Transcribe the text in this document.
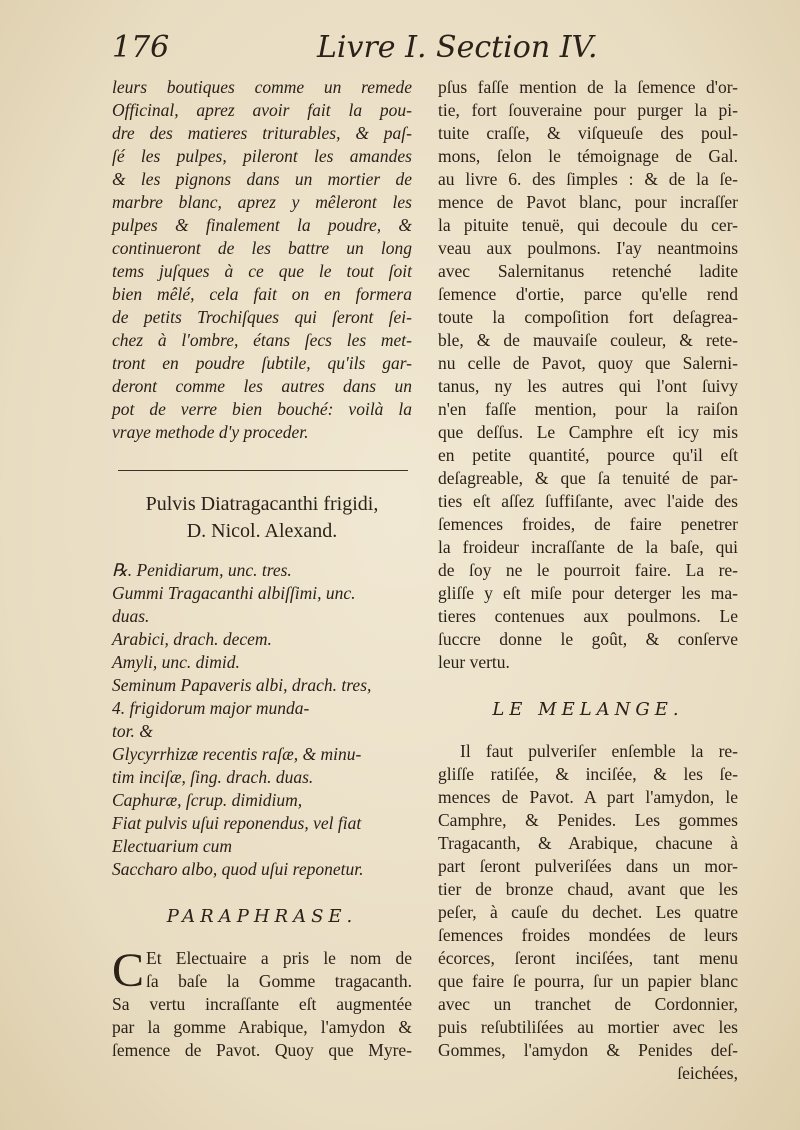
176	Livre I. Section IV.
leurs boutiques comme un remede
Officinal, aprez avoir fait la pou-
dre des matieres triturables, & paſ-
ſé les pulpes, pileront les amandes
& les pignons dans un mortier de
marbre blanc, aprez y mêleront les
pulpes & finalement la poudre, &
continueront de les battre un long
tems juſques à ce que le tout ſoit
bien mêlé, cela fait on en formera
de petits Trochiſques qui ſeront ſei-
chez à l'ombre, étans ſecs les met-
tront en poudre ſubtile, qu'ils gar-
deront comme les autres dans un
pot de verre bien bouché: voilà la
vraye methode d'y proceder.
Pulvis Diatragacanthi frigidi,
D. Nicol. Alexand.
℞. Penidiarum, unc. tres.
Gummi Tragacanthi albiſſimi, unc.
duas.
Arabici, drach. decem.
Amyli, unc. dimid.
Seminum Papaveris albi, drach. tres,
4. frigidorum major munda-
tor. &
Glycyrrhizæ recentis raſæ, & minu-
tim inciſæ, ſing. drach. duas.
Caphuræ, ſcrup. dimidium,
Fiat pulvis uſui reponendus, vel fiat
Electuarium cum
Saccharo albo, quod uſui reponetur.
PARAPHRASE.
C Et Electuaire a pris le nom de
ſa baſe la Gomme tragacanth.
Sa vertu incraſſante eſt augmentée
par la gomme Arabique, l'amydon &
ſemence de Pavot. Quoy que Myre-
pſus faſſe mention de la ſemence d'or-
tie, fort ſouveraine pour purger la pi-
tuite craſſe, & viſqueuſe des poul-
mons, ſelon le témoignage de Gal.
au livre 6. des ſimples : & de la ſe-
mence de Pavot blanc, pour incraſſer
la pituite tenuë, qui decoule du cer-
veau aux poulmons. I'ay neantmoins
avec Salernitanus retenché ladite
ſemence d'ortie, parce qu'elle rend
toute la compoſition fort deſagrea-
ble, & de mauvaiſe couleur, & rete-
nu celle de Pavot, quoy que Salerni-
tanus, ny les autres qui l'ont ſuivy
n'en faſſe mention, pour la raiſon
que deſſus. Le Camphre eſt icy mis
en petite quantité, pource qu'il eſt
deſagreable, & que ſa tenuité de par-
ties eſt aſſez ſuffiſante, avec l'aide des
ſemences froides, de faire penetrer
la froideur incraſſante de la baſe, qui
de ſoy ne le pourroit faire. La re-
gliſſe y eſt miſe pour deterger les ma-
tieres contenues aux poulmons. Le
ſuccre donne le goût, & conſerve
leur vertu.
LE MELANGE.
Il faut pulveriſer enſemble la re-
gliſſe ratiſée, & inciſée, & les ſe-
mences de Pavot. A part l'amydon, le
Camphre, & Penides. Les gommes
Tragacanth, & Arabique, chacune à
part ſeront pulveriſées dans un mor-
tier de bronze chaud, avant que les
peſer, à cauſe du dechet. Les quatre
ſemences froides mondées de leurs
écorces, ſeront inciſées, tant menu
que faire ſe pourra, ſur un papier blanc
avec un tranchet de Cordonnier,
puis reſubtiliſées au mortier avec les
Gommes, l'amydon & Penides deſ-
ſeichées,
